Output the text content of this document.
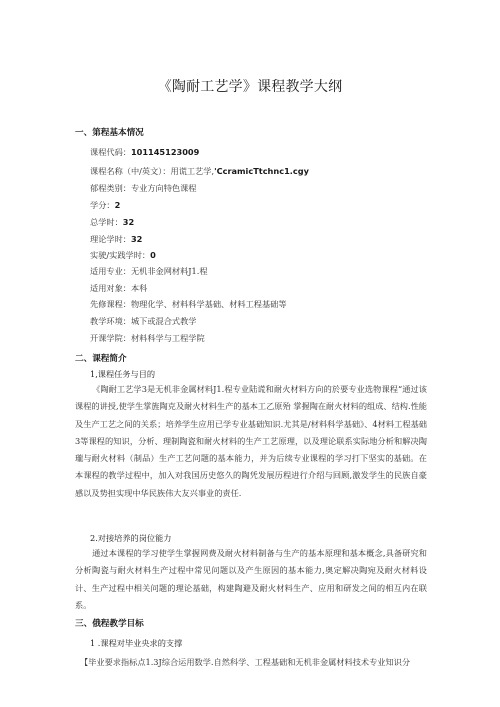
《陶耐工艺学》课程教学大纲
一、第程基本情况
课程代码：101145123009
课程名称（中/英文）：用谎工艺学,'CcramicTtchnc1.cgy
郁程类别：专业方向特色课程
学分：2
总学时：32
理论学时：32
实驶/实践学时：0
适用专业：无机非金网材料J1.程
适用对象：本科
先修课程：物理化学、材料科学基础、材料工程基础等
教学环境：城下或混合式教学
开课学院：材料科学与工程学院
二、课程简介
1,课程任务与目的
《陶耐工艺学3是无机非金属材料J1.程专业陆谎和耐火材料方向的於要专业选物课程“通过该课程的讲授,使学生掌旌陶克及耐火材料生产的基本工乙原殆 掌握陶在耐火材料的组成、结构.性能及生产工艺之间的关系；培养学生应用已学专业基础知识.尤其是/材料科学基础》、4材料工程基础3等课程的知识，分析、理制陶瓷和耐火材料的生产工艺原理，以及理论联系实际地分析和解决陶瓏与耐火材料（制品）生产工艺问题的基本能力，并为后续专业课程的学习打下坚实的基础。在本课程的教学过程中，加入对我国历史悠久的陶凭发展历程进行介绍与回顾,激发学生的民族自豪感以及势担实现中华民族伟大友兴事业的责任.
2.对接培养的岗位能力
通过本课程的学习使学生掌握网费及耐火材料制备与生产的基本原理和基本概念,具备研究和分析陶瓷与耐火材料生产过程中常见问题以及产生原因的基本能力,奥定解决陶宛及耐火材料设计、生产过程中相关问题的理论基础，构建陶避及耐火材料生产、应用和研发之间的相互内在联系。
三、俄程教学目标
1 .课程对毕业央求的支撑
【毕业要求指标点1.3J综合运用数学.自然科学、工程基础和无机非金属材料技术专业知识分
